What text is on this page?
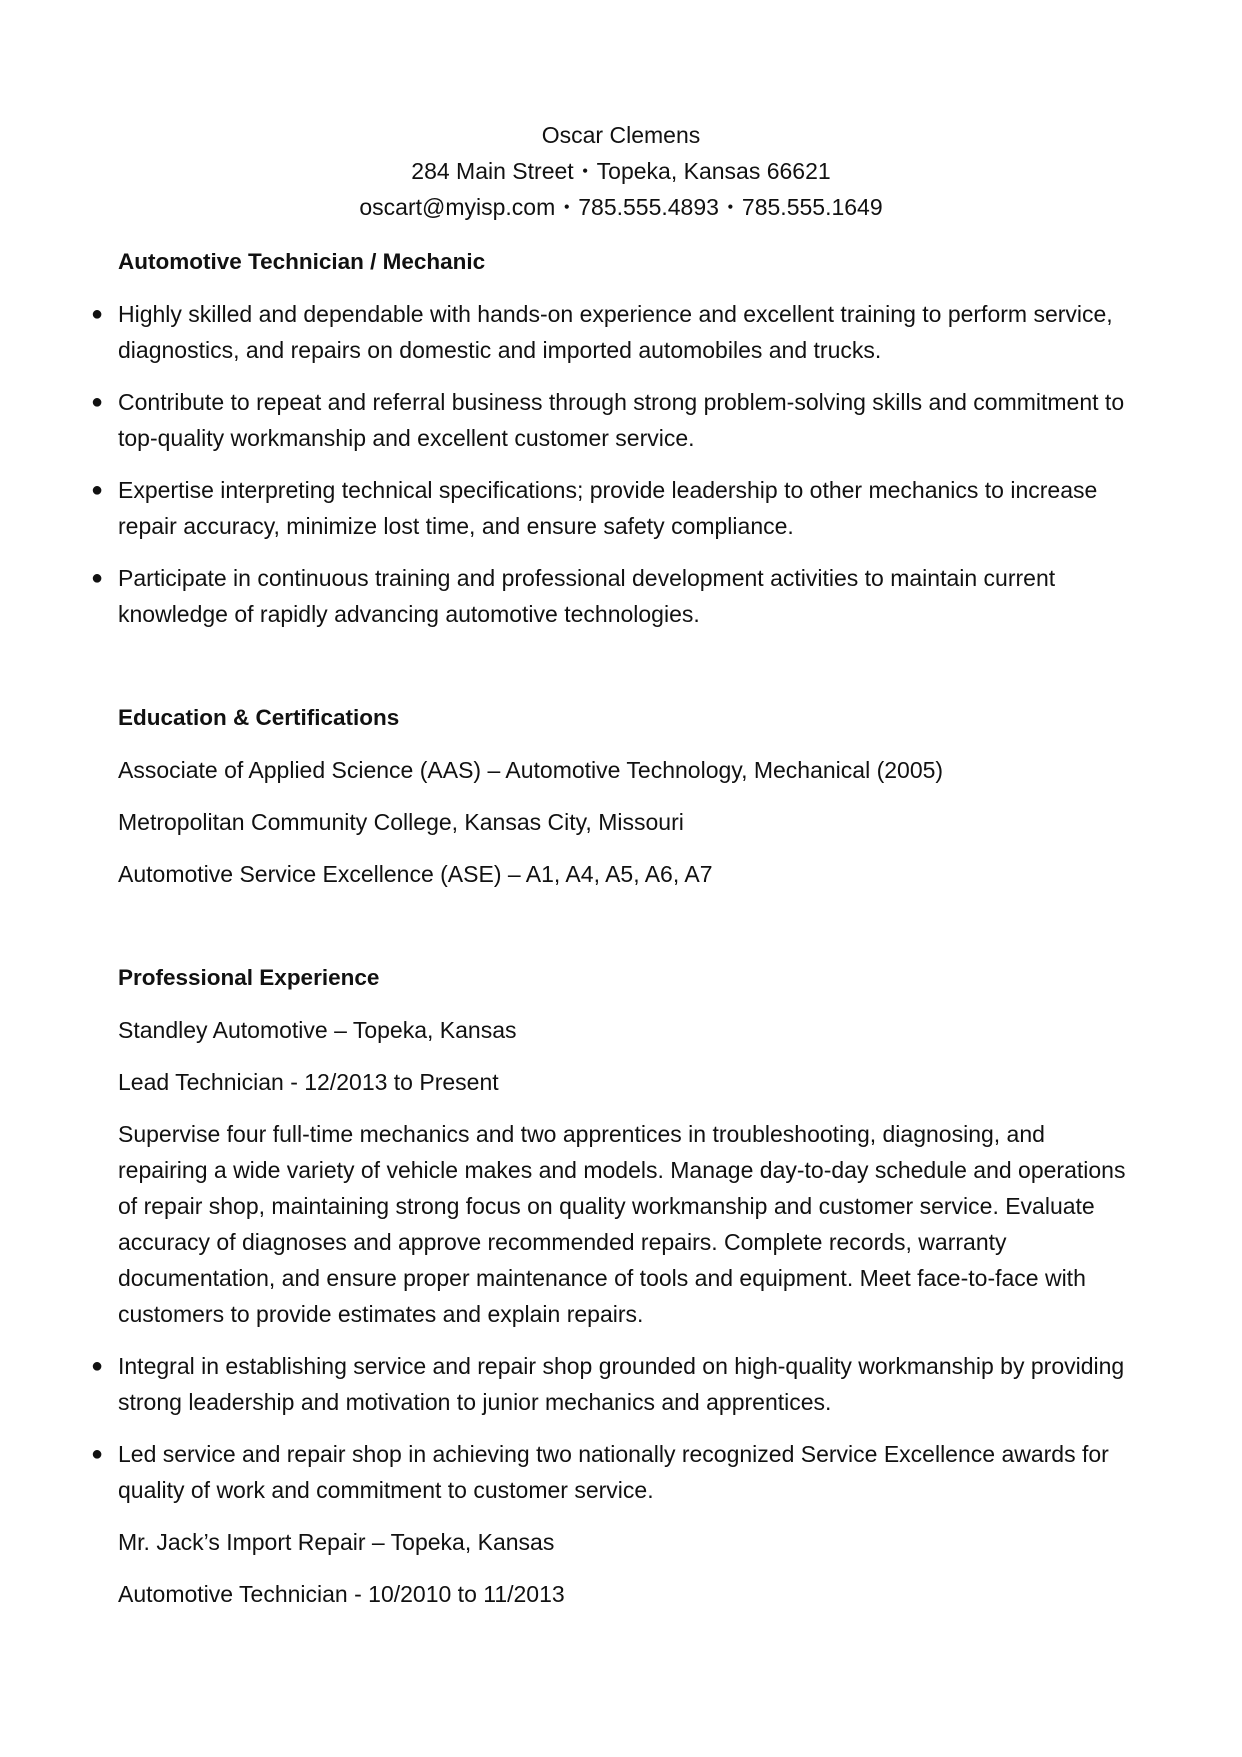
Oscar Clemens
284 Main Street・Topeka, Kansas 66621
oscart@myisp.com・785.555.4893・785.555.1649
Automotive Technician / Mechanic
● Highly skilled and dependable with hands-on experience and excellent training to perform service, diagnostics, and repairs on domestic and imported automobiles and trucks.
● Contribute to repeat and referral business through strong problem-solving skills and commitment to top-quality workmanship and excellent customer service.
● Expertise interpreting technical specifications; provide leadership to other mechanics to increase repair accuracy, minimize lost time, and ensure safety compliance.
● Participate in continuous training and professional development activities to maintain current knowledge of rapidly advancing automotive technologies.
Education & Certifications
Associate of Applied Science (AAS) – Automotive Technology, Mechanical (2005)
Metropolitan Community College, Kansas City, Missouri
Automotive Service Excellence (ASE) – A1, A4, A5, A6, A7
Professional Experience
Standley Automotive – Topeka, Kansas
Lead Technician - 12/2013 to Present
Supervise four full-time mechanics and two apprentices in troubleshooting, diagnosing, and repairing a wide variety of vehicle makes and models. Manage day-to-day schedule and operations of repair shop, maintaining strong focus on quality workmanship and customer service. Evaluate accuracy of diagnoses and approve recommended repairs. Complete records, warranty documentation, and ensure proper maintenance of tools and equipment. Meet face-to-face with customers to provide estimates and explain repairs.
● Integral in establishing service and repair shop grounded on high-quality workmanship by providing strong leadership and motivation to junior mechanics and apprentices.
● Led service and repair shop in achieving two nationally recognized Service Excellence awards for quality of work and commitment to customer service.
Mr. Jack’s Import Repair – Topeka, Kansas
Automotive Technician - 10/2010 to 11/2013
